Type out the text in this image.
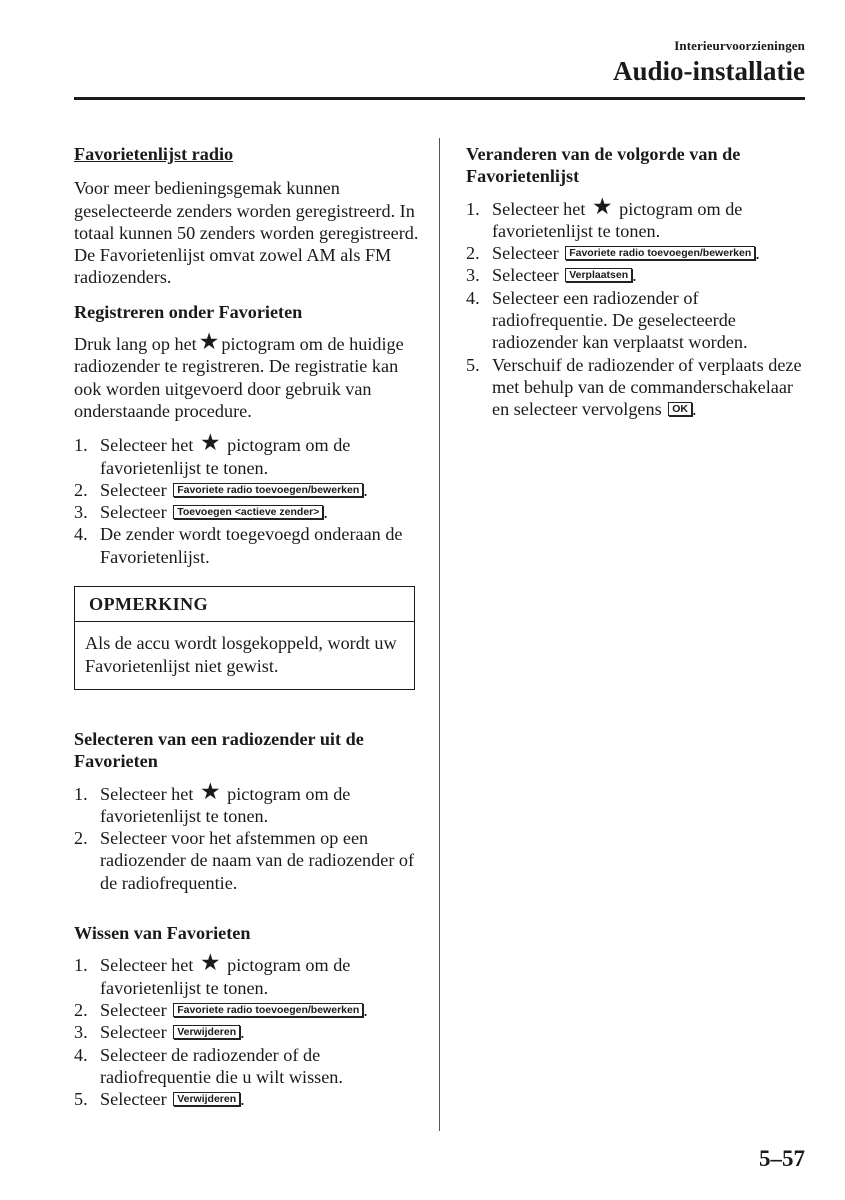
Interieurvoorzieningen
Audio-installatie
Favorietenlijst radio

Voor meer bedieningsgemak kunnen geselecteerde zenders worden geregistreerd. In totaal kunnen 50 zenders worden geregistreerd. De Favorietenlijst omvat zowel AM als FM radiozenders.

Registreren onder Favorieten

Druk lang op het★ pictogram om de huidige radiozender te registreren. De registratie kan ook worden uitgevoerd door gebruik van onderstaande procedure.

1. Selecteer het ★ pictogram om de favorietenlijst te tonen.
2. Selecteer Favoriete radio toevoegen/bewerken .
3. Selecteer Toevoegen <actieve zender> .
4. De zender wordt toegevoegd onderaan de Favorietenlijst.
OPMERKING
Als de accu wordt losgekoppeld, wordt uw Favorietenlijst niet gewist.
Selecteren van een radiozender uit de Favorieten
1. Selecteer het ★ pictogram om de favorietenlijst te tonen.
2. Selecteer voor het afstemmen op een radiozender de naam van de radiozender of de radiofrequentie.
Wissen van Favorieten
1. Selecteer het ★ pictogram om de favorietenlijst te tonen.
2. Selecteer Favoriete radio toevoegen/bewerken .
3. Selecteer Verwijderen .
4. Selecteer de radiozender of de radiofrequentie die u wilt wissen.
5. Selecteer Verwijderen .
Veranderen van de volgorde van de Favorietenlijst
1. Selecteer het ★ pictogram om de favorietenlijst te tonen.
2. Selecteer Favoriete radio toevoegen/bewerken .
3. Selecteer Verplaatsen .
4. Selecteer een radiozender of radiofrequentie. De geselecteerde radiozender kan verplaatst worden.
5. Verschuif de radiozender of verplaats deze met behulp van de commanderschakelaar en selecteer vervolgens OK .
5–57
